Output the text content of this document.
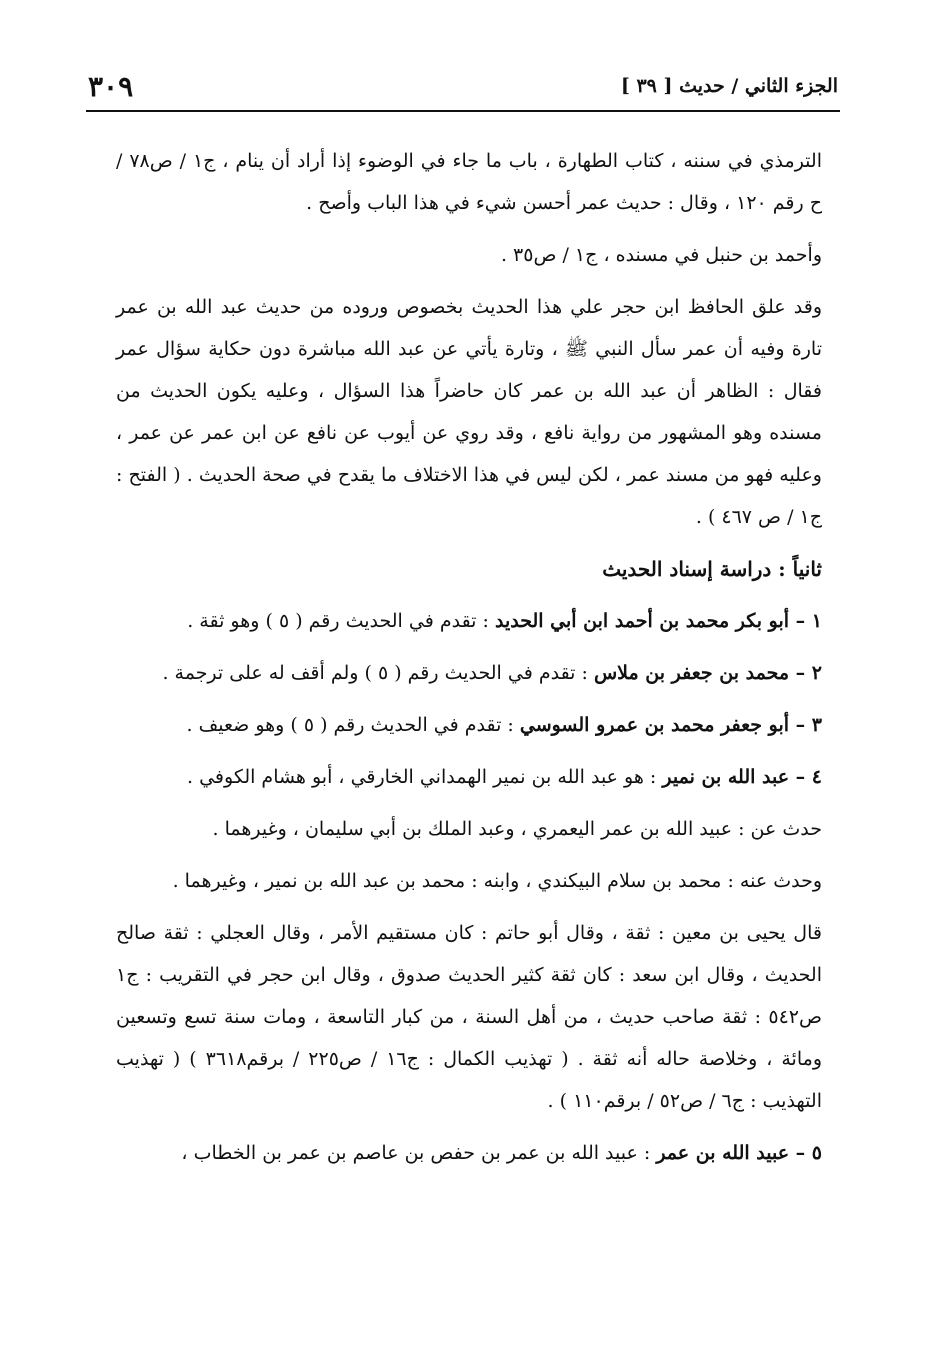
الجزء الثاني / حديث [ ٣٩ ]
٣٠٩

الترمذي في سننه ، كتاب الطهارة ، باب ما جاء في الوضوء إذا أراد أن ينام ، ج١ / ص٧٨ / ح رقم ١٢٠ ، وقال : حديث عمر أحسن شيء في هذا الباب وأصح .

وأحمد بن حنبل في مسنده ، ج١ / ص٣٥ .

وقد علق الحافظ ابن حجر علي هذا الحديث بخصوص وروده من حديث عبد الله بن عمر تارة وفيه أن عمر سأل النبي ﷺ ، وتارة يأتي عن عبد الله مباشرة دون حكاية سؤال عمر فقال : الظاهر أن عبد الله بن عمر كان حاضراً هذا السؤال ، وعليه يكون الحديث من مسنده وهو المشهور من رواية نافع ، وقد روي عن أيوب عن نافع عن ابن عمر عن عمر ، وعليه فهو من مسند عمر ، لكن ليس في هذا الاختلاف ما يقدح في صحة الحديث . ( الفتح : ج١ / ص ٤٦٧ ) .

ثانياً : دراسة إسناد الحديث

١ – أبو بكر محمد بن أحمد ابن أبي الحديد : تقدم في الحديث رقم ( ٥ ) وهو ثقة .

٢ – محمد بن جعفر بن ملاس : تقدم في الحديث رقم ( ٥ ) ولم أقف له على ترجمة .

٣ – أبو جعفر محمد بن عمرو السوسي : تقدم في الحديث رقم ( ٥ ) وهو ضعيف .

٤ – عبد الله بن نمير : هو عبد الله بن نمير الهمداني الخارقي ، أبو هشام الكوفي .

حدث عن : عبيد الله بن عمر اليعمري ، وعبد الملك بن أبي سليمان ، وغيرهما .

وحدث عنه : محمد بن سلام البيكندي ، وابنه : محمد بن عبد الله بن نمير ، وغيرهما .

قال يحيى بن معين : ثقة ، وقال أبو حاتم : كان مستقيم الأمر ، وقال العجلي : ثقة صالح الحديث ، وقال ابن سعد : كان ثقة كثير الحديث صدوق ، وقال ابن حجر في التقريب : ج١ ص٥٤٢ : ثقة صاحب حديث ، من أهل السنة ، من كبار التاسعة ، ومات سنة تسع وتسعين ومائة ، وخلاصة حاله أنه ثقة . ( تهذيب الكمال : ج١٦ / ص٢٢٥ / برقم٣٦١٨ ) ( تهذيب التهذيب : ج٦ / ص٥٢ / برقم١١٠ ) .

٥ – عبيد الله بن عمر : عبيد الله بن عمر بن حفص بن عاصم بن عمر بن الخطاب ،
